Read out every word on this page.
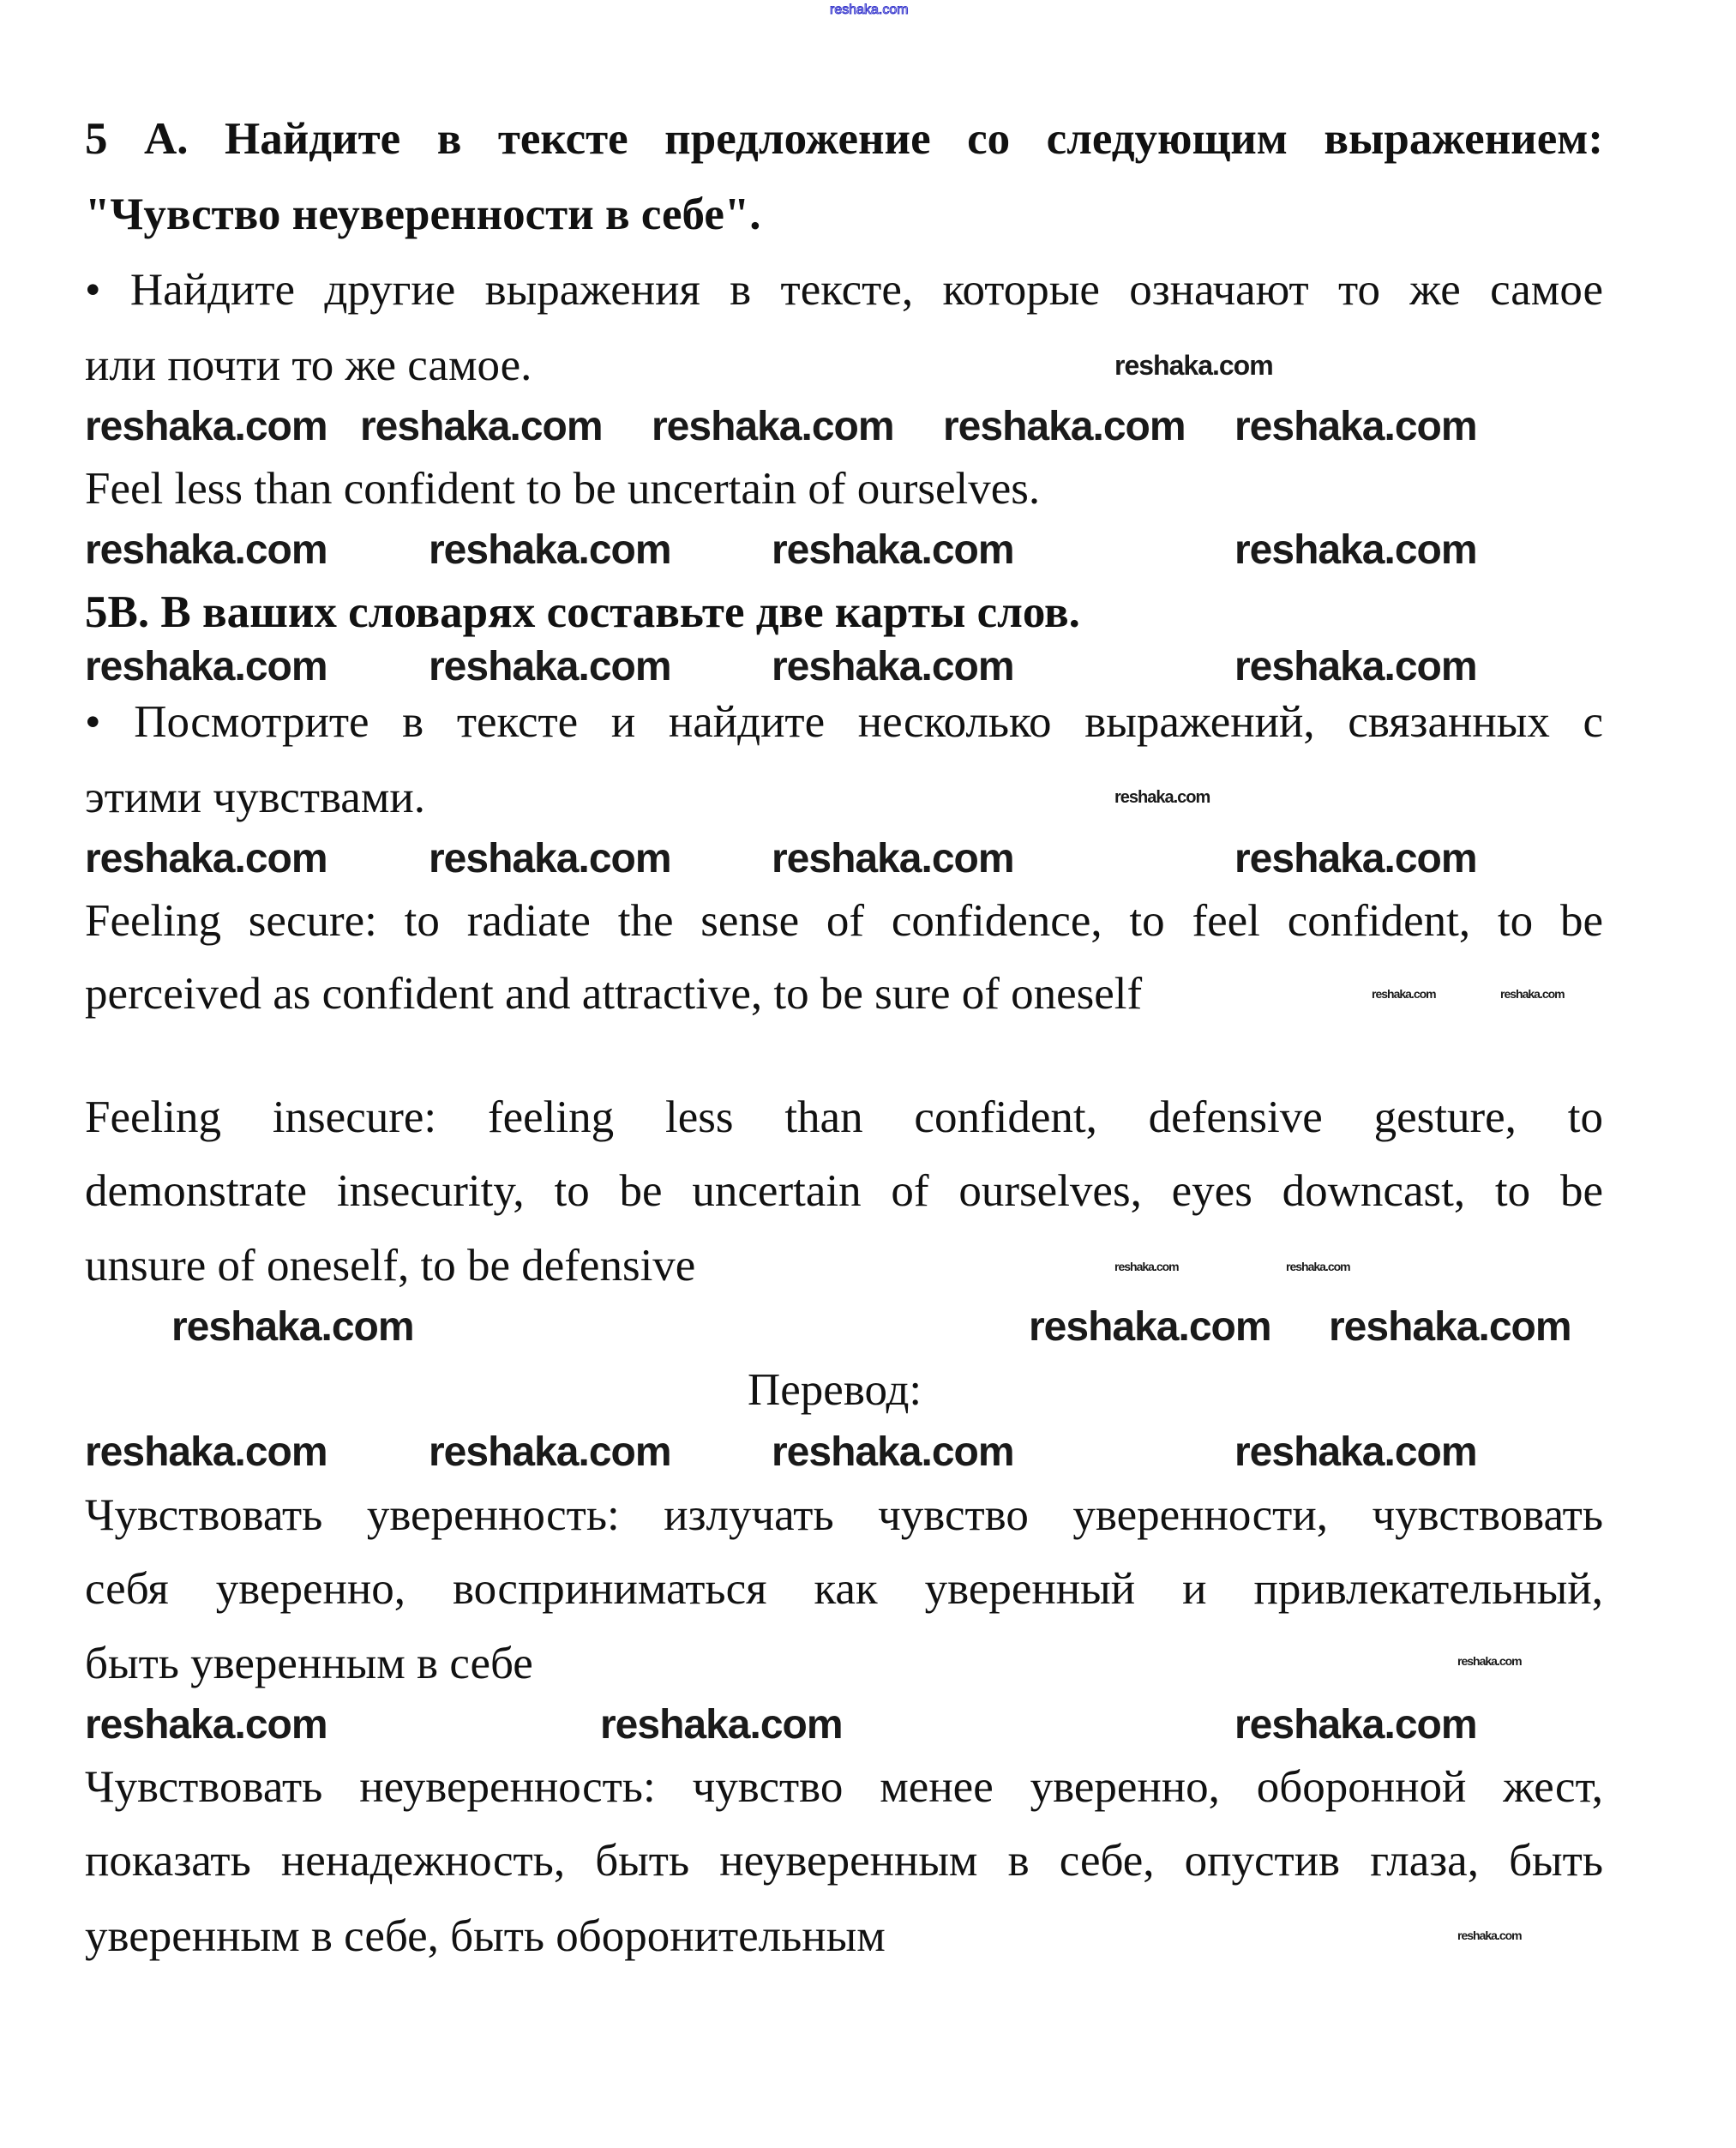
reshaka.com
5 А. Найдите в тексте предложение со следующим выражением:
"Чувство неуверенности в себе".
• Найдите другие выражения в тексте, которые означают то же самое
или почти то же самое.
Feel less than confident to be uncertain of ourselves.
5В. В ваших словарях составьте две карты слов.
• Посмотрите в тексте и найдите несколько выражений, связанных с
этими чувствами.
Feeling secure: to radiate the sense of confidence, to feel confident, to be
perceived as confident and attractive, to be sure of oneself
Feeling insecure: feeling less than confident, defensive gesture, to
demonstrate insecurity, to be uncertain of ourselves, eyes downcast, to be
unsure of oneself, to be defensive
Перевод:
Чувствовать уверенность: излучать чувство уверенности, чувствовать
себя уверенно, восприниматься как уверенный и привлекательный,
быть уверенным в себе
Чувствовать неуверенность: чувство менее уверенно, оборонной жест,
показать ненадежность, быть неуверенным в себе, опустив глаза, быть
уверенным в себе, быть оборонительным
reshaka.com reshaka.com reshaka.com reshaka.com reshaka.com
reshaka.com reshaka.com reshaka.com	reshaka.com
reshaka.com reshaka.com reshaka.com	reshaka.com
reshaka.com reshaka.com reshaka.com	reshaka.com
reshaka.com	reshaka.com reshaka.com
reshaka.com reshaka.com reshaka.com	reshaka.com
reshaka.com	reshaka.com	reshaka.com
reshaka.com
reshaka.com
reshaka.com	reshaka.com
reshaka.com	reshaka.com
reshaka.com
reshaka.com
